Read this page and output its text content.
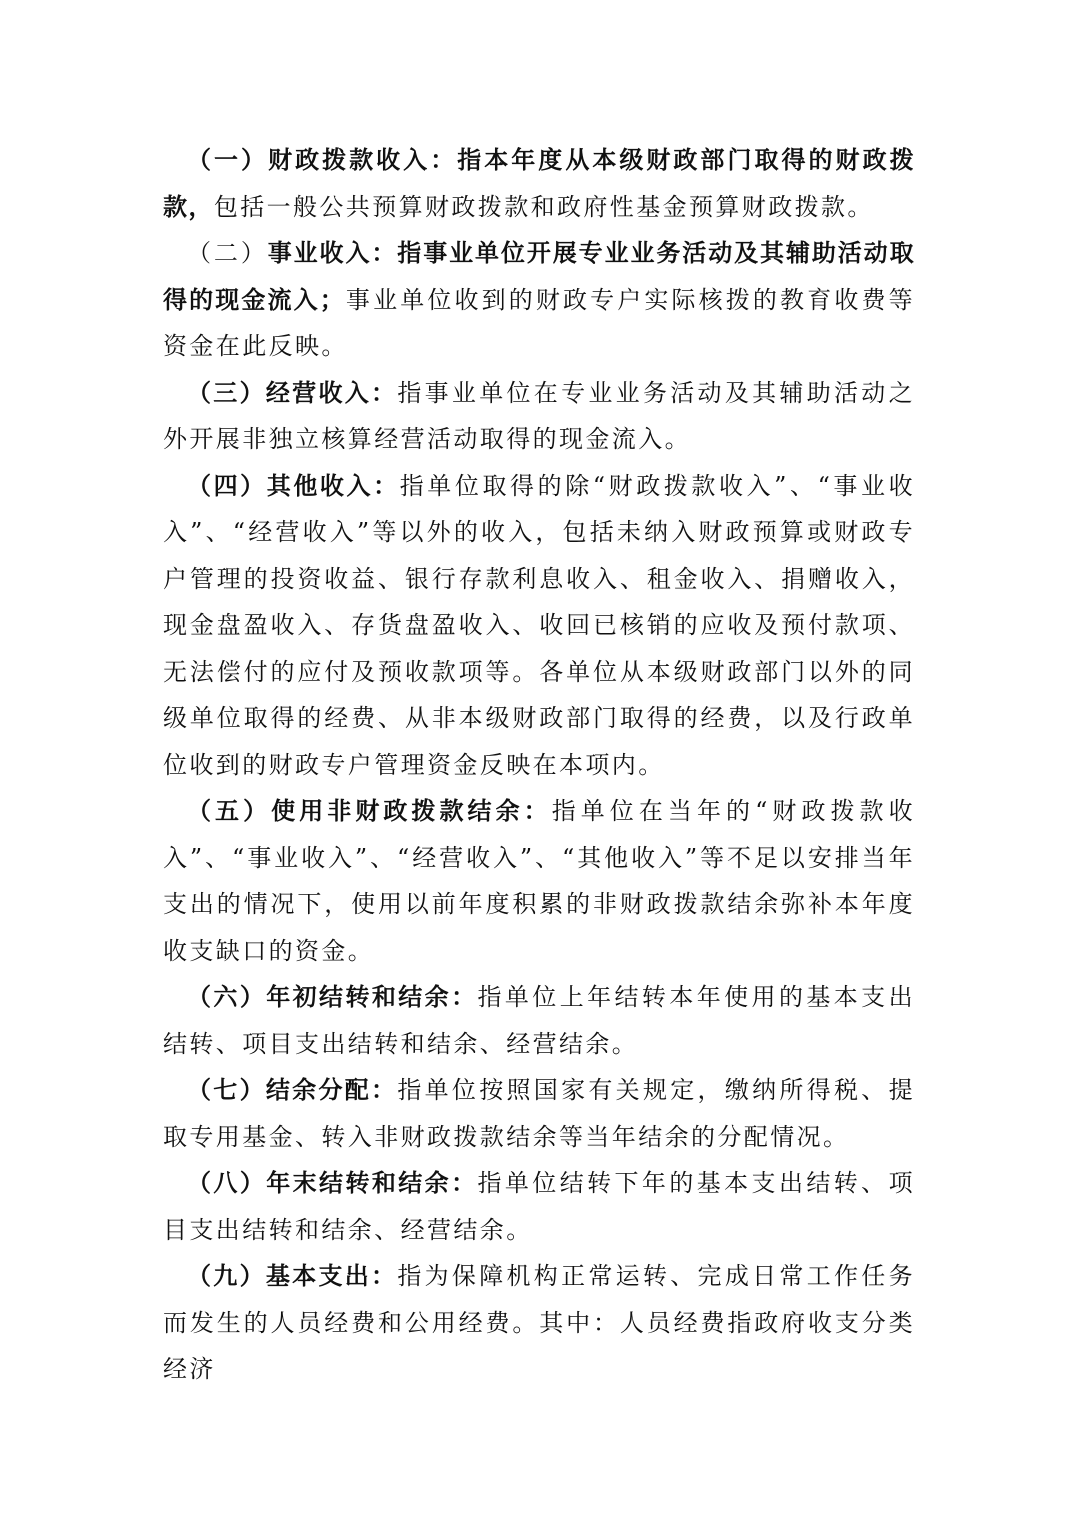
（一）财政拨款收入：指本年度从本级财政部门取得的财政拨款，包括一般公共预算财政拨款和政府性基金预算财政拨款。

（二）事业收入：指事业单位开展专业业务活动及其辅助活动取得的现金流入；事业单位收到的财政专户实际核拨的教育收费等资金在此反映。

（三）经营收入：指事业单位在专业业务活动及其辅助活动之外开展非独立核算经营活动取得的现金流入。

（四）其他收入：指单位取得的除“财政拨款收入”、“事业收入”、“经营收入”等以外的收入，包括未纳入财政预算或财政专户管理的投资收益、银行存款利息收入、租金收入、捐赠收入，现金盘盈收入、存货盘盈收入、收回已核销的应收及预付款项、无法偿付的应付及预收款项等。各单位从本级财政部门以外的同级单位取得的经费、从非本级财政部门取得的经费，以及行政单位收到的财政专户管理资金反映在本项内。

（五）使用非财政拨款结余：指单位在当年的“财政拨款收入”、“事业收入”、“经营收入”、“其他收入”等不足以安排当年支出的情况下，使用以前年度积累的非财政拨款结余弥补本年度收支缺口的资金。

（六）年初结转和结余：指单位上年结转本年使用的基本支出结转、项目支出结转和结余、经营结余。

（七）结余分配：指单位按照国家有关规定，缴纳所得税、提取专用基金、转入非财政拨款结余等当年结余的分配情况。

（八）年末结转和结余：指单位结转下年的基本支出结转、项目支出结转和结余、经营结余。

（九）基本支出：指为保障机构正常运转、完成日常工作任务而发生的人员经费和公用经费。其中：人员经费指政府收支分类经济
